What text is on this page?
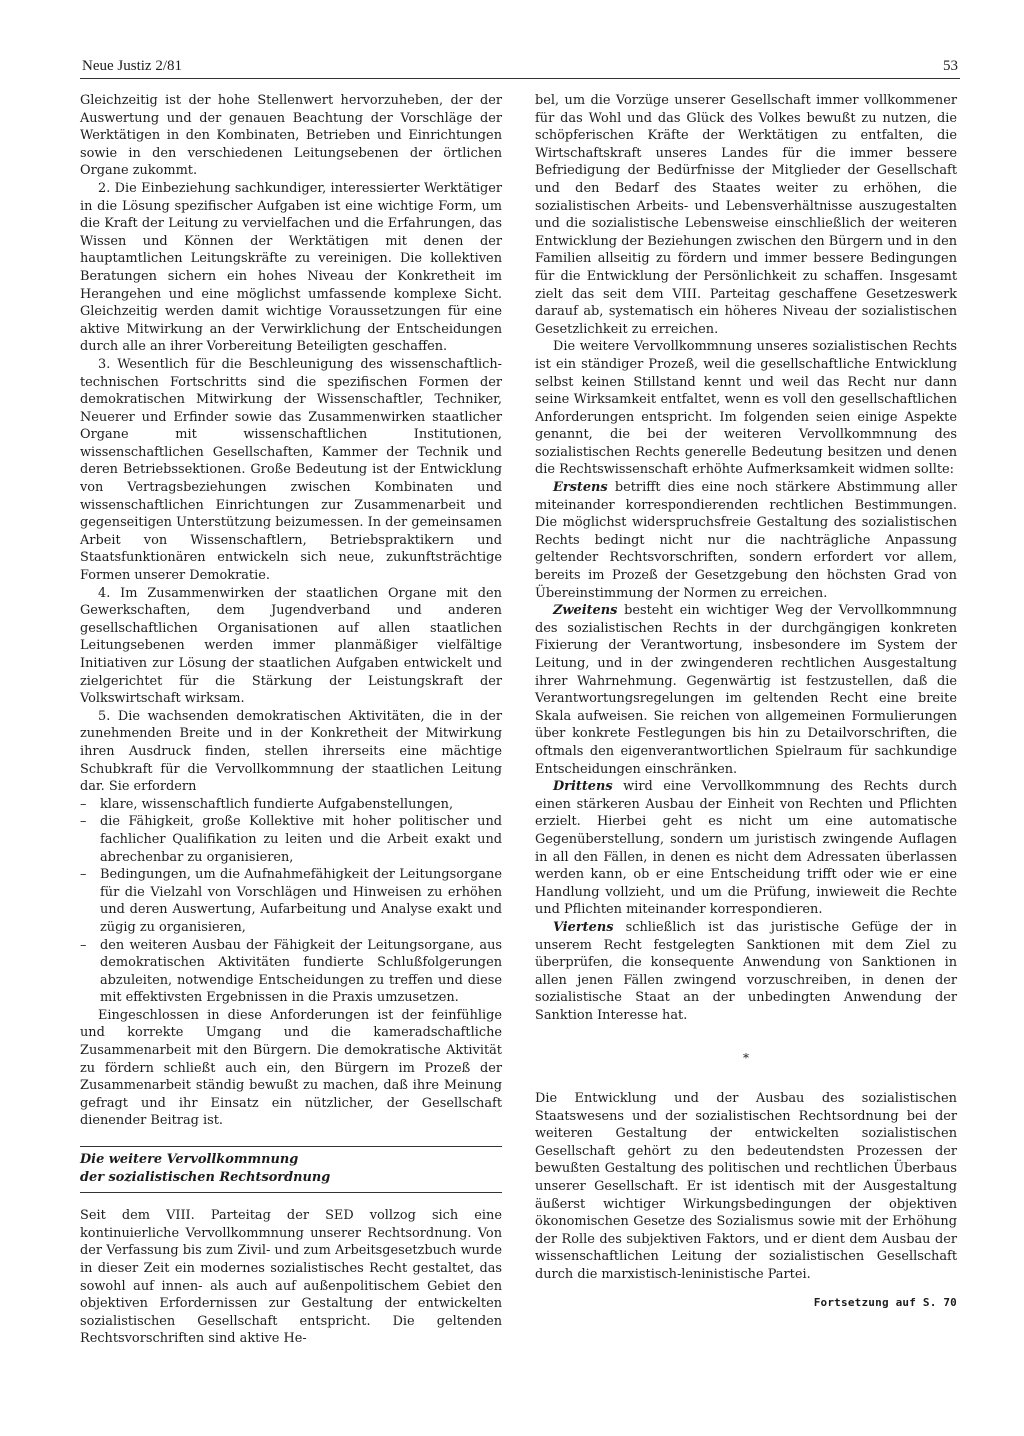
Neue Justiz 2/81	53

Gleichzeitig ist der hohe Stellenwert hervorzuheben, der der Auswertung und der genauen Beachtung der Vorschläge der Werktätigen in den Kombinaten, Betrieben und Einrichtungen sowie in den verschiedenen Leitungsebenen der örtlichen Organe zukommt.

2. Die Einbeziehung sachkundiger, interessierter Werktätiger in die Lösung spezifischer Aufgaben ist eine wichtige Form, um die Kraft der Leitung zu vervielfachen und die Erfahrungen, das Wissen und Können der Werktätigen mit denen der hauptamtlichen Leitungskräfte zu vereinigen. Die kollektiven Beratungen sichern ein hohes Niveau der Konkretheit im Herangehen und eine möglichst umfassende komplexe Sicht. Gleichzeitig werden damit wichtige Voraussetzungen für eine aktive Mitwirkung an der Verwirklichung der Entscheidungen durch alle an ihrer Vorbereitung Beteiligten geschaffen.

3. Wesentlich für die Beschleunigung des wissenschaftlich-technischen Fortschritts sind die spezifischen Formen der demokratischen Mitwirkung der Wissenschaftler, Techniker, Neuerer und Erfinder sowie das Zusammenwirken staatlicher Organe mit wissenschaftlichen Institutionen, wissenschaftlichen Gesellschaften, Kammer der Technik und deren Betriebssektionen. Große Bedeutung ist der Entwicklung von Vertragsbeziehungen zwischen Kombinaten und wissenschaftlichen Einrichtungen zur Zusammenarbeit und gegenseitigen Unterstützung beizumessen. In der gemeinsamen Arbeit von Wissenschaftlern, Betriebspraktikern und Staatsfunktionären entwickeln sich neue, zukunftsträchtige Formen unserer Demokratie.

4. Im Zusammenwirken der staatlichen Organe mit den Gewerkschaften, dem Jugendverband und anderen gesellschaftlichen Organisationen auf allen staatlichen Leitungsebenen werden immer planmäßiger vielfältige Initiativen zur Lösung der staatlichen Aufgaben entwickelt und zielgerichtet für die Stärkung der Leistungskraft der Volkswirtschaft wirksam.

5. Die wachsenden demokratischen Aktivitäten, die in der zunehmenden Breite und in der Konkretheit der Mitwirkung ihren Ausdruck finden, stellen ihrerseits eine mächtige Schubkraft für die Vervollkommnung der staatlichen Leitung dar. Sie erfordern

– klare, wissenschaftlich fundierte Aufgabenstellungen,
– die Fähigkeit, große Kollektive mit hoher politischer und fachlicher Qualifikation zu leiten und die Arbeit exakt und abrechenbar zu organisieren,
– Bedingungen, um die Aufnahmefähigkeit der Leitungsorgane für die Vielzahl von Vorschlägen und Hinweisen zu erhöhen und deren Auswertung, Aufarbeitung und Analyse exakt und zügig zu organisieren,
– den weiteren Ausbau der Fähigkeit der Leitungsorgane, aus demokratischen Aktivitäten fundierte Schlußfolgerungen abzuleiten, notwendige Entscheidungen zu treffen und diese mit effektivsten Ergebnissen in die Praxis umzusetzen.

Eingeschlossen in diese Anforderungen ist der feinfühlige und korrekte Umgang und die kameradschaftliche Zusammenarbeit mit den Bürgern. Die demokratische Aktivität zu fördern schließt auch ein, den Bürgern im Prozeß der Zusammenarbeit ständig bewußt zu machen, daß ihre Meinung gefragt und ihr Einsatz ein nützlicher, der Gesellschaft dienender Beitrag ist.

Die weitere Vervollkommnung
der sozialistischen Rechtsordnung

Seit dem VIII. Parteitag der SED vollzog sich eine kontinuierliche Vervollkommnung unserer Rechtsordnung. Von der Verfassung bis zum Zivil- und zum Arbeitsgesetzbuch wurde in dieser Zeit ein modernes sozialistisches Recht gestaltet, das sowohl auf innen- als auch auf außenpolitischem Gebiet den objektiven Erfordernissen zur Gestaltung der entwickelten sozialistischen Gesellschaft entspricht. Die geltenden Rechtsvorschriften sind aktive He-

bel, um die Vorzüge unserer Gesellschaft immer vollkommener für das Wohl und das Glück des Volkes bewußt zu nutzen, die schöpferischen Kräfte der Werktätigen zu entfalten, die Wirtschaftskraft unseres Landes für die immer bessere Befriedigung der Bedürfnisse der Mitglieder der Gesellschaft und den Bedarf des Staates weiter zu erhöhen, die sozialistischen Arbeits- und Lebensverhältnisse auszugestalten und die sozialistische Lebensweise einschließlich der weiteren Entwicklung der Beziehungen zwischen den Bürgern und in den Familien allseitig zu fördern und immer bessere Bedingungen für die Entwicklung der Persönlichkeit zu schaffen. Insgesamt zielt das seit dem VIII. Parteitag geschaffene Gesetzeswerk darauf ab, systematisch ein höheres Niveau der sozialistischen Gesetzlichkeit zu erreichen.

Die weitere Vervollkommnung unseres sozialistischen Rechts ist ein ständiger Prozeß, weil die gesellschaftliche Entwicklung selbst keinen Stillstand kennt und weil das Recht nur dann seine Wirksamkeit entfaltet, wenn es voll den gesellschaftlichen Anforderungen entspricht. Im folgenden seien einige Aspekte genannt, die bei der weiteren Vervollkommnung des sozialistischen Rechts generelle Bedeutung besitzen und denen die Rechtswissenschaft erhöhte Aufmerksamkeit widmen sollte:

Erstens betrifft dies eine noch stärkere Abstimmung aller miteinander korrespondierenden rechtlichen Bestimmungen. Die möglichst widerspruchsfreie Gestaltung des sozialistischen Rechts bedingt nicht nur die nachträgliche Anpassung geltender Rechtsvorschriften, sondern erfordert vor allem, bereits im Prozeß der Gesetzgebung den höchsten Grad von Übereinstimmung der Normen zu erreichen.

Zweitens besteht ein wichtiger Weg der Vervollkommnung des sozialistischen Rechts in der durchgängigen konkreten Fixierung der Verantwortung, insbesondere im System der Leitung, und in der zwingenderen rechtlichen Ausgestaltung ihrer Wahrnehmung. Gegenwärtig ist festzustellen, daß die Verantwortungsregelungen im geltenden Recht eine breite Skala aufweisen. Sie reichen von allgemeinen Formulierungen über konkrete Festlegungen bis hin zu Detailvorschriften, die oftmals den eigenverantwortlichen Spielraum für sachkundige Entscheidungen einschränken.

Drittens wird eine Vervollkommnung des Rechts durch einen stärkeren Ausbau der Einheit von Rechten und Pflichten erzielt. Hierbei geht es nicht um eine automatische Gegenüberstellung, sondern um juristisch zwingende Auflagen in all den Fällen, in denen es nicht dem Adressaten überlassen werden kann, ob er eine Entscheidung trifft oder wie er eine Handlung vollzieht, und um die Prüfung, inwieweit die Rechte und Pflichten miteinander korrespondieren.

Viertens schließlich ist das juristische Gefüge der in unserem Recht festgelegten Sanktionen mit dem Ziel zu überprüfen, die konsequente Anwendung von Sanktionen in allen jenen Fällen zwingend vorzuschreiben, in denen der sozialistische Staat an der unbedingten Anwendung der Sanktion Interesse hat.

*

Die Entwicklung und der Ausbau des sozialistischen Staatswesens und der sozialistischen Rechtsordnung bei der weiteren Gestaltung der entwickelten sozialistischen Gesellschaft gehört zu den bedeutendsten Prozessen der bewußten Gestaltung des politischen und rechtlichen Überbaus unserer Gesellschaft. Er ist identisch mit der Ausgestaltung äußerst wichtiger Wirkungsbedingungen der objektiven ökonomischen Gesetze des Sozialismus sowie mit der Erhöhung der Rolle des subjektiven Faktors, und er dient dem Ausbau der wissenschaftlichen Leitung der sozialistischen Gesellschaft durch die marxistisch-leninistische Partei.

Fortsetzung auf S. 70
